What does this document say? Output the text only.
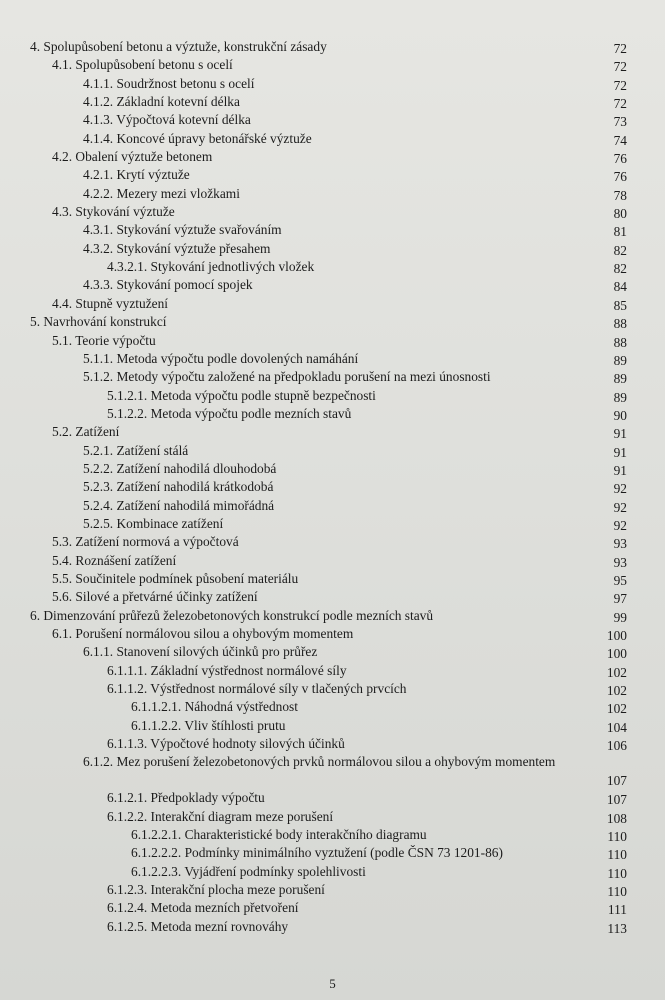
4. Spolupůsobení betonu a výztuže, konstrukční zásady	72
4.1. Spolupůsobení betonu s ocelí	72
4.1.1. Soudržnost betonu s ocelí	72
4.1.2. Základní kotevní délka	72
4.1.3. Výpočtová kotevní délka	73
4.1.4. Koncové úpravy betonářské výztuže	74
4.2. Obalení výztuže betonem	76
4.2.1. Krytí výztuže	76
4.2.2. Mezery mezi vložkami	78
4.3. Stykování výztuže	80
4.3.1. Stykování výztuže svařováním	81
4.3.2. Stykování výztuže přesahem	82
4.3.2.1. Stykování jednotlivých vložek	82
4.3.3. Stykování pomocí spojek	84
4.4. Stupně vyztužení	85
5. Navrhování konstrukcí	88
5.1. Teorie výpočtu	88
5.1.1. Metoda výpočtu podle dovolených namáhání	89
5.1.2. Metody výpočtu založené na předpokladu porušení na mezi únosnosti	89
5.1.2.1. Metoda výpočtu podle stupně bezpečnosti	89
5.1.2.2. Metoda výpočtu podle mezních stavů	90
5.2. Zatížení	91
5.2.1. Zatížení stálá	91
5.2.2. Zatížení nahodilá dlouhodobá	91
5.2.3. Zatížení nahodilá krátkodobá	92
5.2.4. Zatížení nahodilá mimořádná	92
5.2.5. Kombinace zatížení	92
5.3. Zatížení normová a výpočtová	93
5.4. Roznášení zatížení	93
5.5. Součinitele podmínek působení materiálu	95
5.6. Silové a přetvárné účinky zatížení	97
6. Dimenzování průřezů železobetonových konstrukcí podle mezních stavů	99
6.1. Porušení normálovou silou a ohybovým momentem	100
6.1.1. Stanovení silových účinků pro průřez	100
6.1.1.1. Základní výstřednost normálové síly	102
6.1.1.2. Výstřednost normálové síly v tlačených prvcích	102
6.1.1.2.1. Náhodná výstřednost	102
6.1.1.2.2. Vliv štíhlosti prutu	104
6.1.1.3. Výpočtové hodnoty silových účinků	106
6.1.2. Mez porušení železobetonových prvků normálovou silou a ohybovým momentem
107
6.1.2.1. Předpoklady výpočtu	107
6.1.2.2. Interakční diagram meze porušení	108
6.1.2.2.1. Charakteristické body interakčního diagramu	110
6.1.2.2.2. Podmínky minimálního vyztužení (podle ČSN 73 1201-86)	110
6.1.2.2.3. Vyjádření podmínky spolehlivosti	110
6.1.2.3. Interakční plocha meze porušení	110
6.1.2.4. Metoda mezních přetvoření	111
6.1.2.5. Metoda mezní rovnováhy	113
5
